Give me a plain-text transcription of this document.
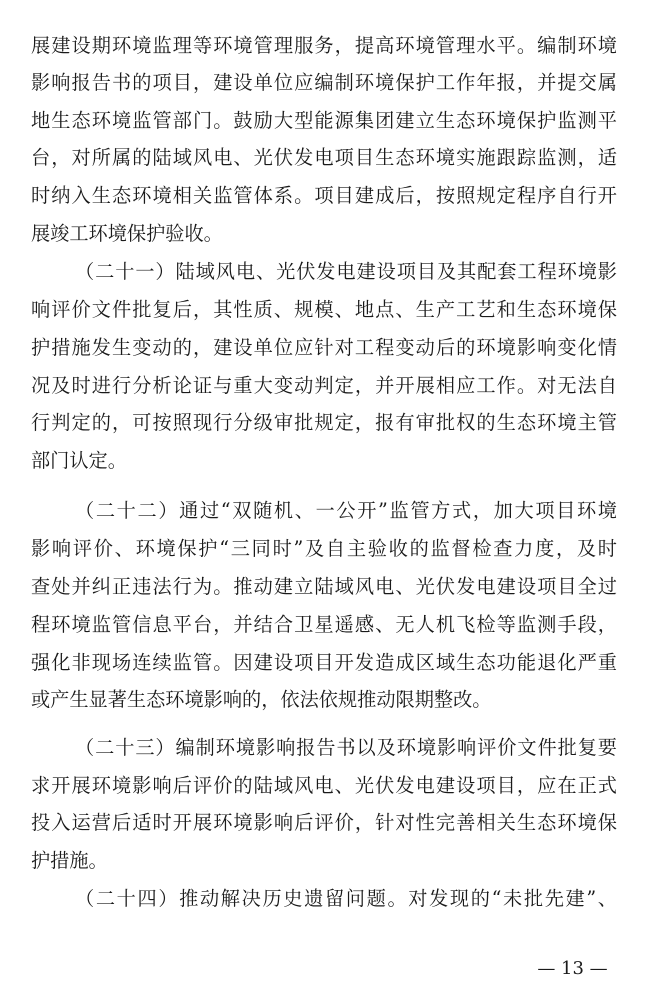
展建设期环境监理等环境管理服务，提高环境管理水平。编制环境
影响报告书的项目，建设单位应编制环境保护工作年报，并提交属
地生态环境监管部门。鼓励大型能源集团建立生态环境保护监测平
台，对所属的陆域风电、光伏发电项目生态环境实施跟踪监测，适
时纳入生态环境相关监管体系。项目建成后，按照规定程序自行开
展竣工环境保护验收。
（二十一）陆域风电、光伏发电建设项目及其配套工程环境影
响评价文件批复后，其性质、规模、地点、生产工艺和生态环境保
护措施发生变动的，建设单位应针对工程变动后的环境影响变化情
况及时进行分析论证与重大变动判定，并开展相应工作。对无法自
行判定的，可按照现行分级审批规定，报有审批权的生态环境主管
部门认定。
（二十二）通过“双随机、一公开”监管方式，加大项目环境
影响评价、环境保护“三同时”及自主验收的监督检查力度，及时
查处并纠正违法行为。推动建立陆域风电、光伏发电建设项目全过
程环境监管信息平台，并结合卫星遥感、无人机飞检等监测手段，
强化非现场连续监管。因建设项目开发造成区域生态功能退化严重
或产生显著生态环境影响的，依法依规推动限期整改。
（二十三）编制环境影响报告书以及环境影响评价文件批复要
求开展环境影响后评价的陆域风电、光伏发电建设项目，应在正式
投入运营后适时开展环境影响后评价，针对性完善相关生态环境保
护措施。
（二十四）推动解决历史遗留问题。对发现的“未批先建”、
— 13 —
